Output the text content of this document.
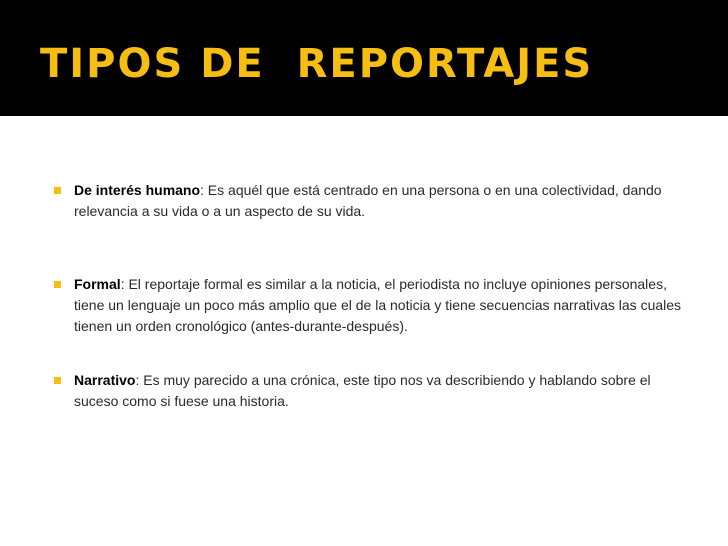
TIPOS DE  REPORTAJES
De interés humano: Es aquél que está centrado en una persona o en una colectividad, dando relevancia a su vida o a un aspecto de su vida.
Formal: El reportaje formal es similar a la noticia, el periodista no incluye opiniones personales, tiene un lenguaje un poco más amplio que el de la noticia y tiene secuencias narrativas las cuales tienen un orden cronológico (antes-durante-después).
Narrativo: Es muy parecido a una crónica, este tipo nos va describiendo y hablando sobre el suceso como si fuese una historia.
